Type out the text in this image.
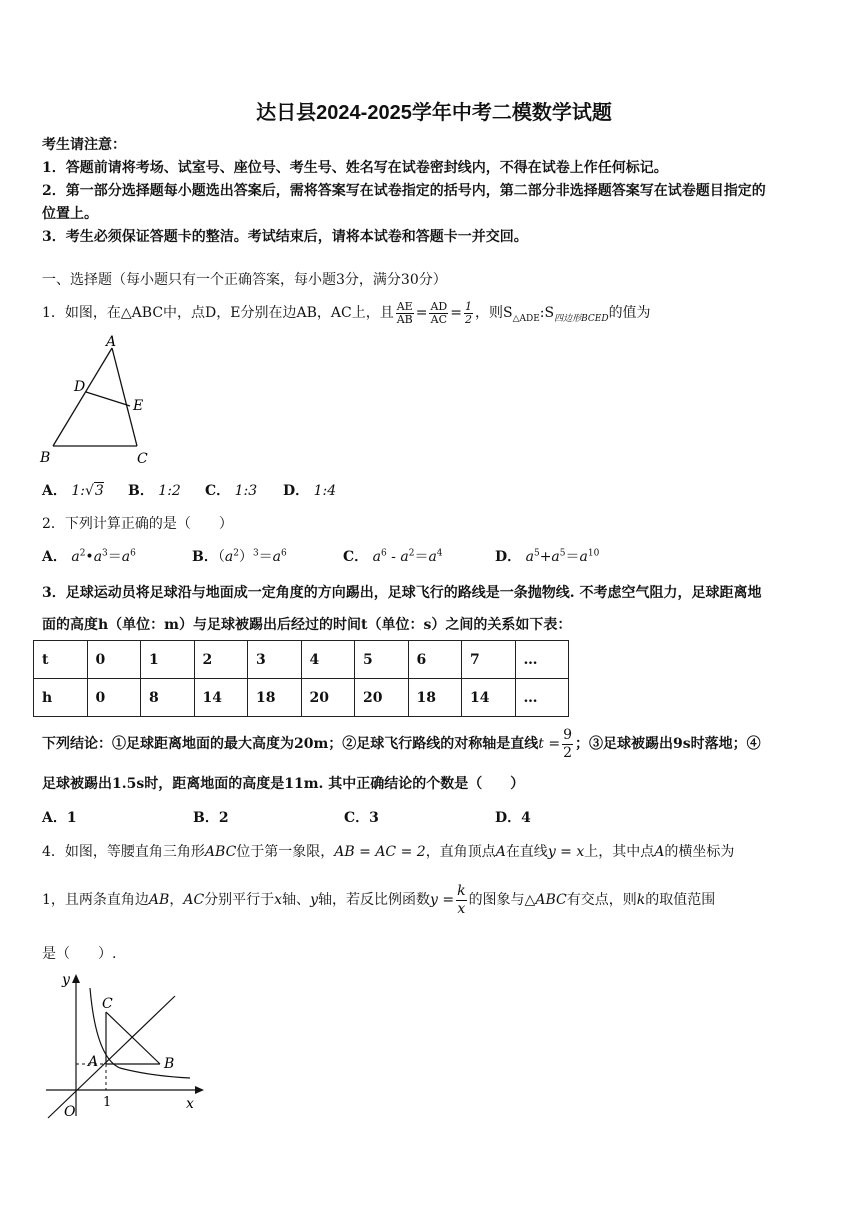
达日县2024-2025学年中考二模数学试题
考生请注意：
1．答题前请将考场、试室号、座位号、考生号、姓名写在试卷密封线内，不得在试卷上作任何标记。
2．第一部分选择题每小题选出答案后，需将答案写在试卷指定的括号内，第二部分非选择题答案写在试卷题目指定的
位置上。
3．考生必须保证答题卡的整洁。考试结束后，请将本试卷和答题卡一并交回。
一、选择题（每小题只有一个正确答案，每小题3分，满分30分）
1．如图，在△ABC中，点D，E分别在边AB，AC上，且 $\frac{AE}{AB} = \frac{AD}{AC} = \frac{1}{2}$ ，则$S_{\triangle ADE}:S_{四边形BCED}$的值为
A
D
E
B	C
A． 1:√3 B． 1:2 C． 1:3 D． 1:4
2．下列计算正确的是（　　）
A． $a^2•a^3=a^6$	B．$(a^2)^3=a^6$	C． $a^6 - a^2=a^4$	D． $a^5+a^5=a^{10}$
3．足球运动员将足球沿与地面成一定角度的方向踢出，足球飞行的路线是一条抛物线. 不考虑空气阻力，足球距离地
面的高度h（单位：m）与足球被踢出后经过的时间t（单位：s）之间的关系如下表：
t	0	1	2	3	4	5	6	7	…
h	0	8	14	18	20	20	18	14	…
下列结论：①足球距离地面的最大高度为20m；②足球飞行路线的对称轴是直线$t = \frac{9}{2}$ ；③足球被踢出9s时落地；④
足球被踢出1.5s时，距离地面的高度是11m. 其中正确结论的个数是（　　）
A．1	B．2	C．3	D．4
4．如图，等腰直角三角形ABC位于第一象限，AB = AC = 2，直角顶点A在直线y = x上，其中点A的横坐标为
1，且两条直角边AB，AC分别平行于x轴、y轴，若反比例函数$y = \frac{k}{x}$ 的图象与△ABC有交点，则k的取值范围
是（　　）.
y
C
A	B
O
1	x
